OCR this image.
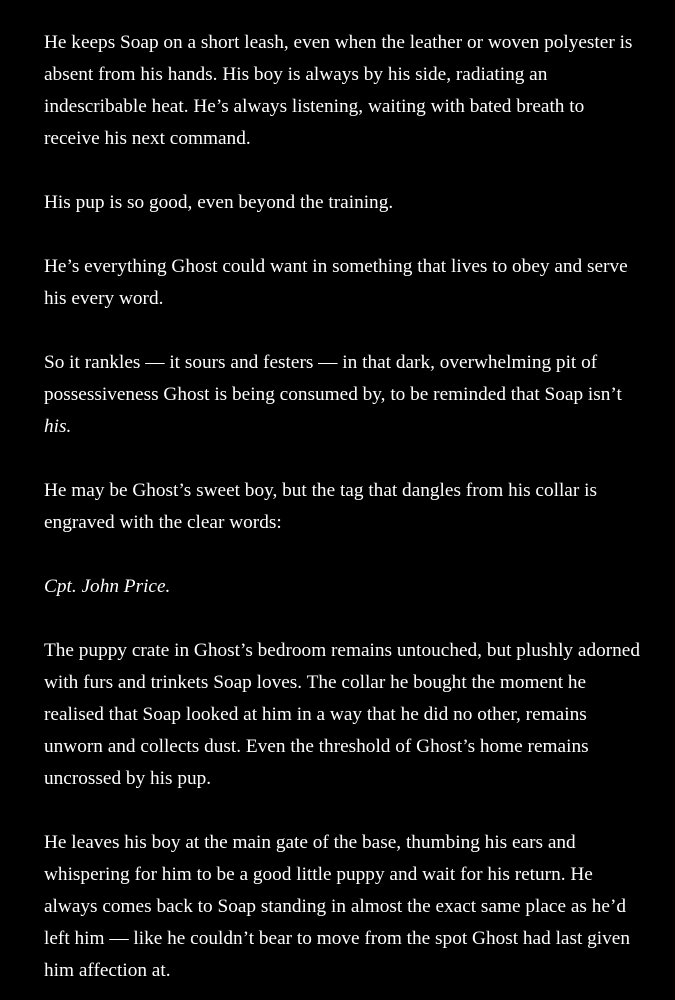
He keeps Soap on a short leash, even when the leather or woven polyester is absent from his hands. His boy is always by his side, radiating an indescribable heat. He’s always listening, waiting with bated breath to receive his next command.

His pup is so good, even beyond the training.

He’s everything Ghost could want in something that lives to obey and serve his every word.

So it rankles — it sours and festers — in that dark, overwhelming pit of possessiveness Ghost is being consumed by, to be reminded that Soap isn’t his.

He may be Ghost’s sweet boy, but the tag that dangles from his collar is engraved with the clear words:

Cpt. John Price.

The puppy crate in Ghost’s bedroom remains untouched, but plushly adorned with furs and trinkets Soap loves. The collar he bought the moment he realised that Soap looked at him in a way that he did no other, remains unworn and collects dust. Even the threshold of Ghost’s home remains uncrossed by his pup.

He leaves his boy at the main gate of the base, thumbing his ears and whispering for him to be a good little puppy and wait for his return. He always comes back to Soap standing in almost the exact same place as he’d left him — like he couldn’t bear to move from the spot Ghost had last given him affection at.
